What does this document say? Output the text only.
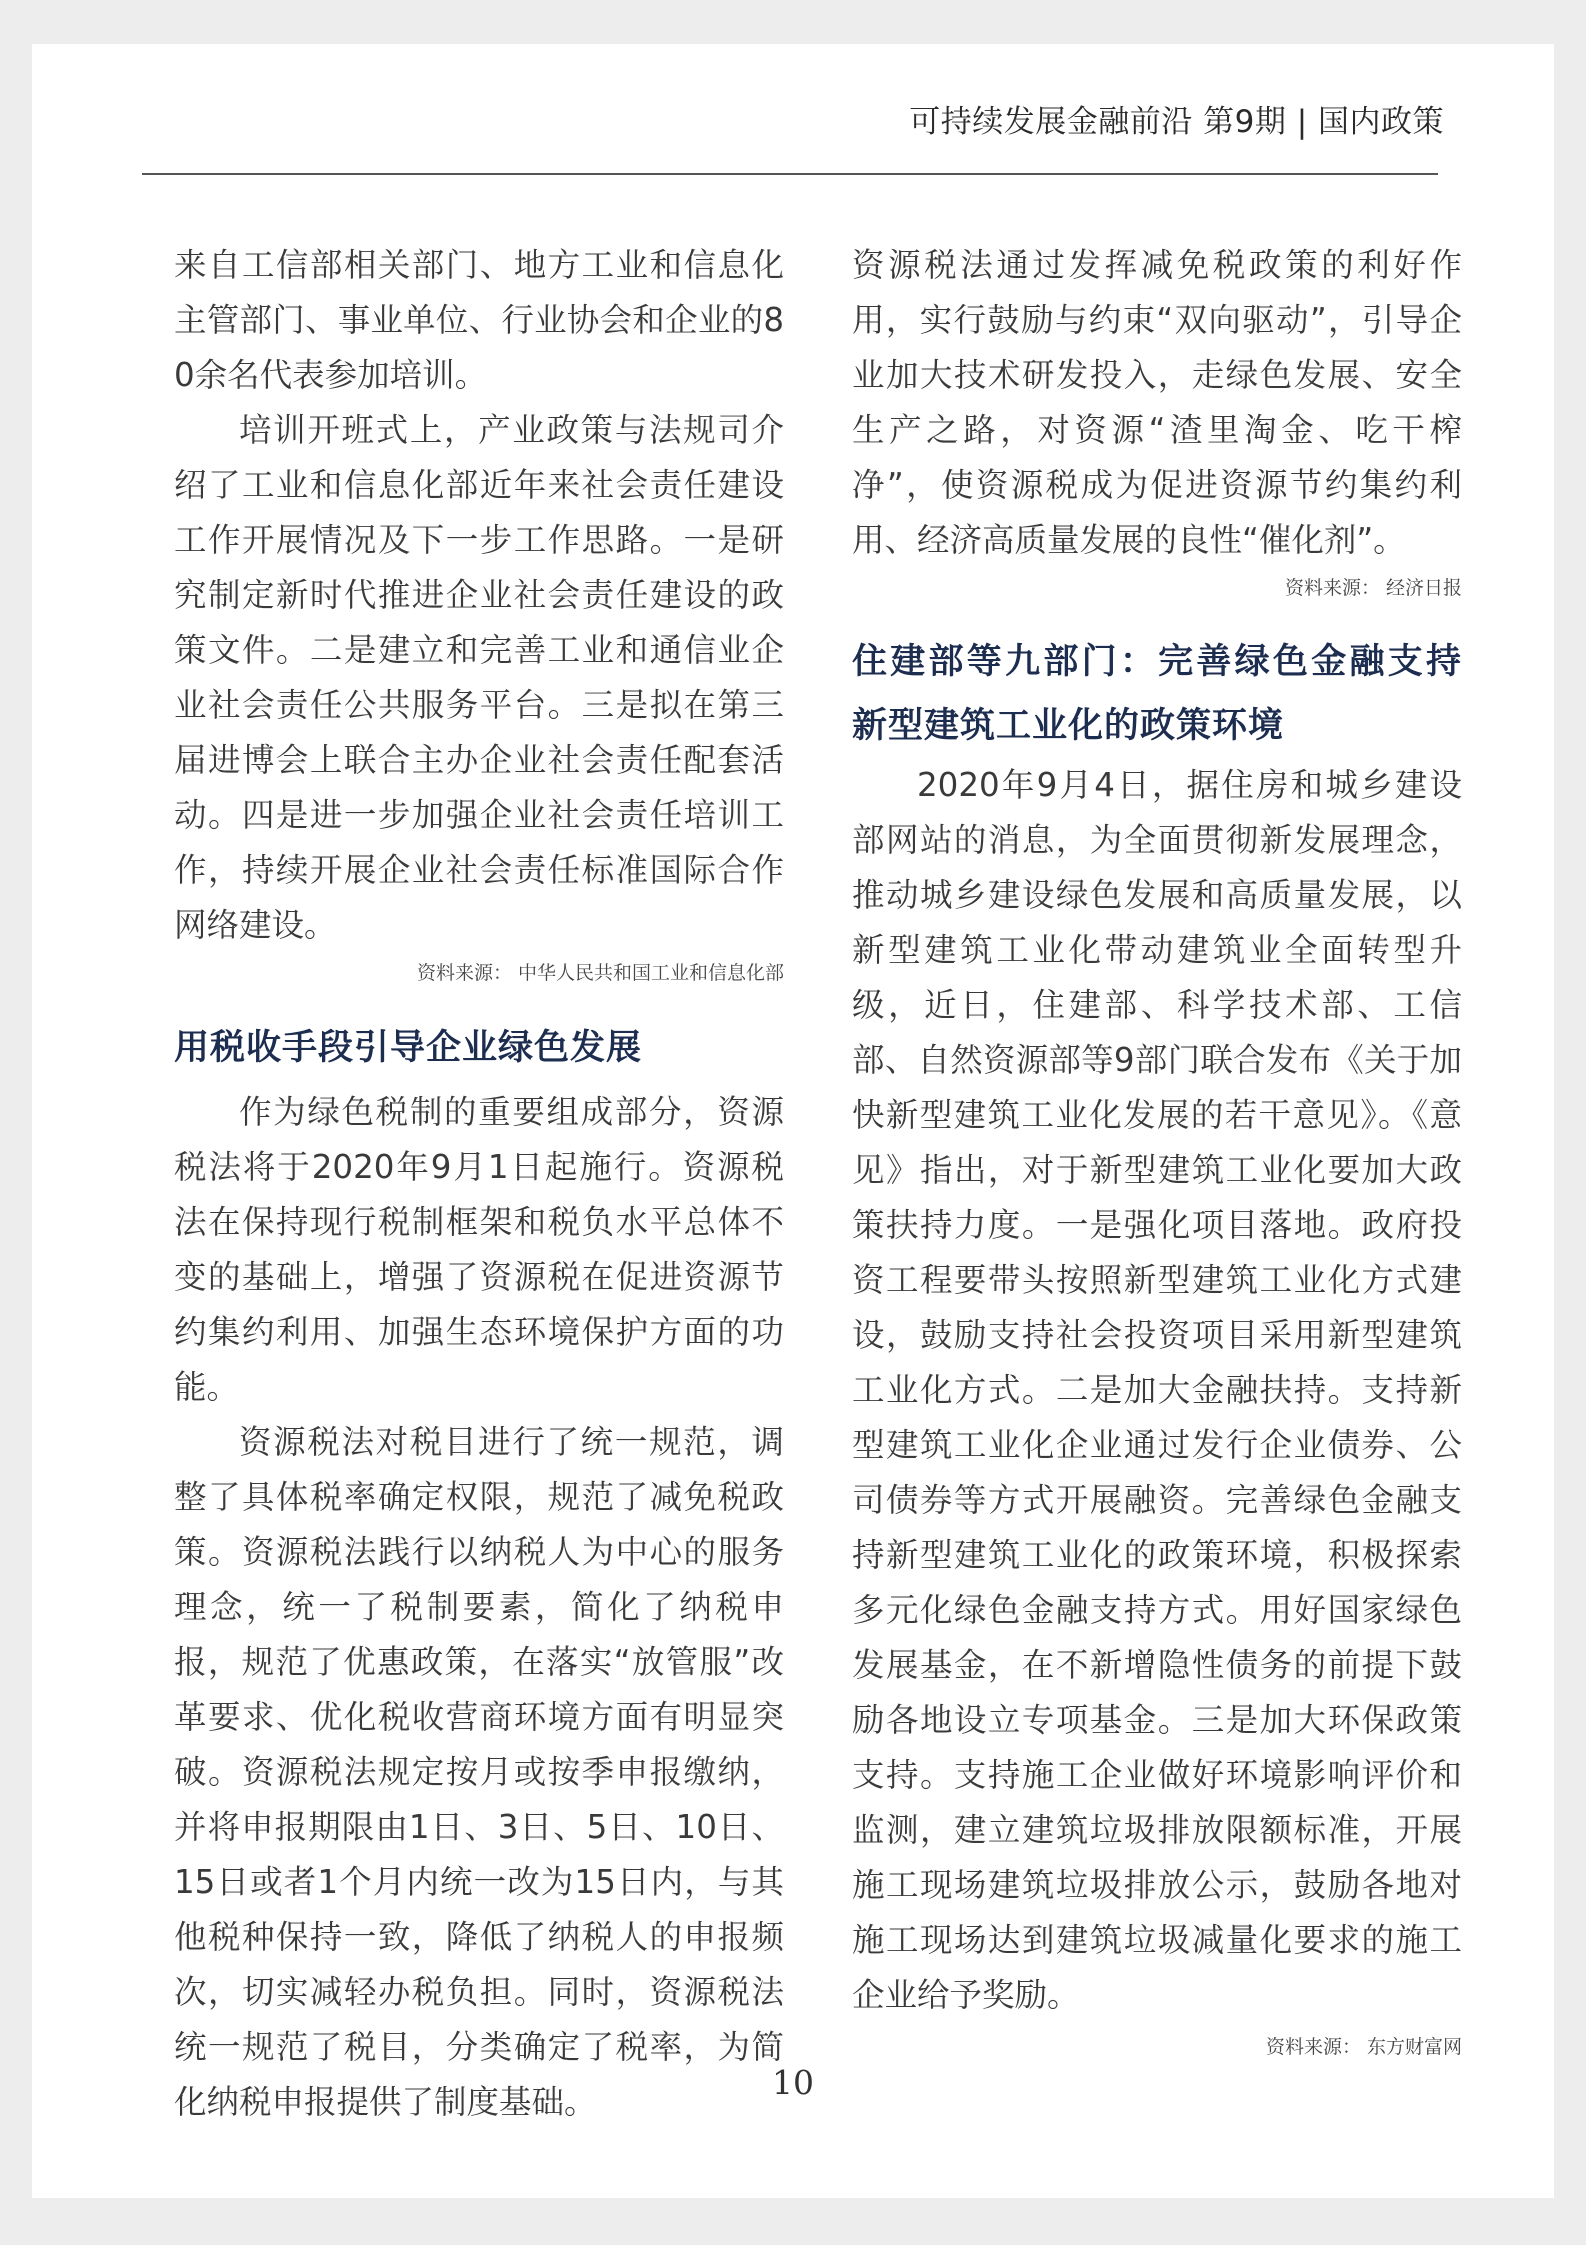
可持续发展金融前沿 第9期 | 国内政策

来自工信部相关部门、地方工业和信息化主管部门、事业单位、行业协会和企业的80余名代表参加培训。

培训开班式上，产业政策与法规司介绍了工业和信息化部近年来社会责任建设工作开展情况及下一步工作思路。一是研究制定新时代推进企业社会责任建设的政策文件。二是建立和完善工业和通信业企业社会责任公共服务平台。三是拟在第三届进博会上联合主办企业社会责任配套活动。四是进一步加强企业社会责任培训工作，持续开展企业社会责任标准国际合作网络建设。

资料来源： 中华人民共和国工业和信息化部

用税收手段引导企业绿色发展

作为绿色税制的重要组成部分，资源税法将于2020年9月1日起施行。资源税法在保持现行税制框架和税负水平总体不变的基础上，增强了资源税在促进资源节约集约利用、加强生态环境保护方面的功能。

资源税法对税目进行了统一规范，调整了具体税率确定权限，规范了减免税政策。资源税法践行以纳税人为中心的服务理念，统一了税制要素，简化了纳税申报，规范了优惠政策，在落实“放管服”改革要求、优化税收营商环境方面有明显突破。资源税法规定按月或按季申报缴纳，并将申报期限由1日、3日、5日、10日、15日或者1个月内统一改为15日内，与其他税种保持一致，降低了纳税人的申报频次，切实减轻办税负担。同时，资源税法统一规范了税目，分类确定了税率，为简化纳税申报提供了制度基础。

资源税法通过发挥减免税政策的利好作用，实行鼓励与约束“双向驱动”，引导企业加大技术研发投入，走绿色发展、安全生产之路，对资源“渣里淘金、吃干榨净”，使资源税成为促进资源节约集约利用、经济高质量发展的良性“催化剂”。

资料来源： 经济日报

住建部等九部门：完善绿色金融支持新型建筑工业化的政策环境

2020年9月4日，据住房和城乡建设部网站的消息，为全面贯彻新发展理念，推动城乡建设绿色发展和高质量发展，以新型建筑工业化带动建筑业全面转型升级，近日，住建部、科学技术部、工信部、自然资源部等9部门联合发布《关于加快新型建筑工业化发展的若干意见》。《意见》指出，对于新型建筑工业化要加大政策扶持力度。一是强化项目落地。政府投资工程要带头按照新型建筑工业化方式建设，鼓励支持社会投资项目采用新型建筑工业化方式。二是加大金融扶持。支持新型建筑工业化企业通过发行企业债券、公司债券等方式开展融资。完善绿色金融支持新型建筑工业化的政策环境，积极探索多元化绿色金融支持方式。用好国家绿色发展基金，在不新增隐性债务的前提下鼓励各地设立专项基金。三是加大环保政策支持。支持施工企业做好环境影响评价和监测，建立建筑垃圾排放限额标准，开展施工现场建筑垃圾排放公示，鼓励各地对施工现场达到建筑垃圾减量化要求的施工企业给予奖励。

资料来源： 东方财富网

10
